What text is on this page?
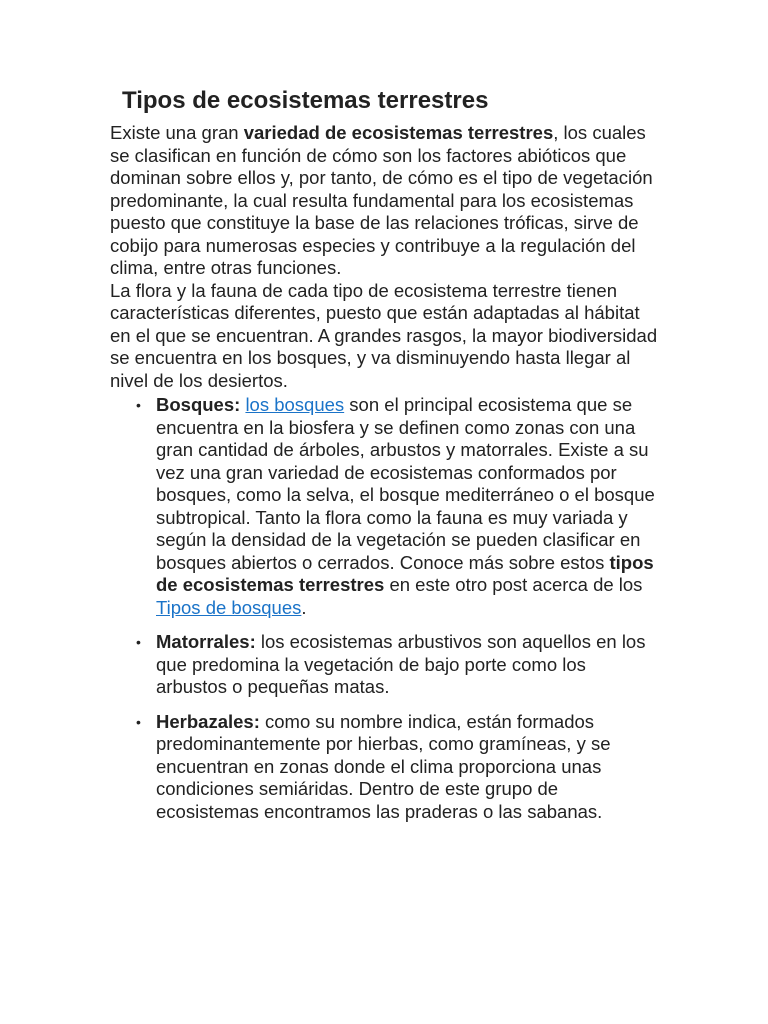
Tipos de ecosistemas terrestres

Existe una gran variedad de ecosistemas terrestres, los cuales se clasifican en función de cómo son los factores abióticos que dominan sobre ellos y, por tanto, de cómo es el tipo de vegetación predominante, la cual resulta fundamental para los ecosistemas puesto que constituye la base de las relaciones tróficas, sirve de cobijo para numerosas especies y contribuye a la regulación del clima, entre otras funciones.

La flora y la fauna de cada tipo de ecosistema terrestre tienen características diferentes, puesto que están adaptadas al hábitat en el que se encuentran. A grandes rasgos, la mayor biodiversidad se encuentra en los bosques, y va disminuyendo hasta llegar al nivel de los desiertos.

• Bosques: los bosques son el principal ecosistema que se encuentra en la biosfera y se definen como zonas con una gran cantidad de árboles, arbustos y matorrales. Existe a su vez una gran variedad de ecosistemas conformados por bosques, como la selva, el bosque mediterráneo o el bosque subtropical. Tanto la flora como la fauna es muy variada y según la densidad de la vegetación se pueden clasificar en bosques abiertos o cerrados. Conoce más sobre estos tipos de ecosistemas terrestres en este otro post acerca de los Tipos de bosques.
• Matorrales: los ecosistemas arbustivos son aquellos en los que predomina la vegetación de bajo porte como los arbustos o pequeñas matas.
• Herbazales: como su nombre indica, están formados predominantemente por hierbas, como gramíneas, y se encuentran en zonas donde el clima proporciona unas condiciones semiáridas. Dentro de este grupo de ecosistemas encontramos las praderas o las sabanas.
